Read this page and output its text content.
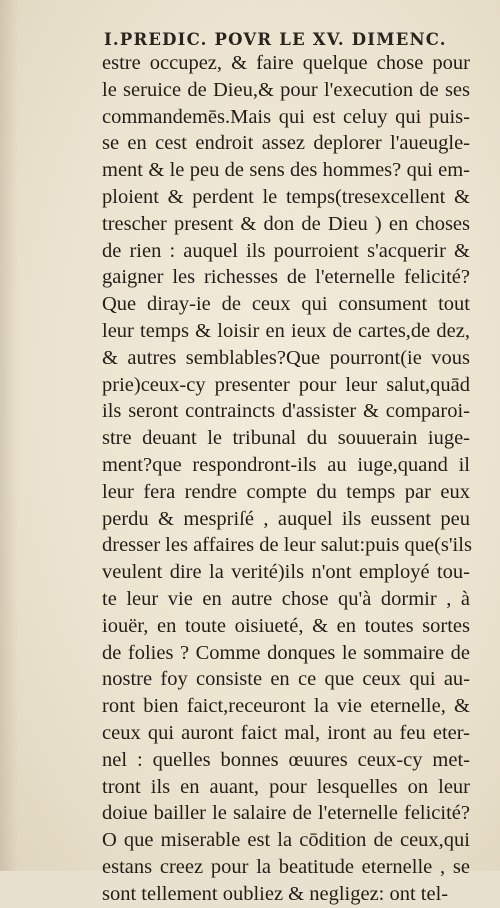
I.PREDIC. POVR LE XV. DIMENC.
estre occupez, & faire quelque chose pour
le seruice de Dieu,& pour l'execution de ses
commandemēs.Mais qui est celuy qui puis-
se en cest endroit assez deplorer l'aueugle-
ment & le peu de sens des hommes? qui em-
ploient & perdent le temps(tresexcellent &
trescher present & don de Dieu ) en choses
de rien : auquel ils pourroient s'acquerir &
gaigner les richesses de l'eternelle felicité?
Que diray-ie de ceux qui consument tout
leur temps & loisir en ieux de cartes,de dez,
& autres semblables?Que pourront(ie vous
prie)ceux-cy presenter pour leur salut,quād
ils seront contraincts d'assister & comparoi-
stre deuant le tribunal du souuerain iuge-
ment?que respondront-ils au iuge,quand il
leur fera rendre compte du temps par eux
perdu & mespriſé , auquel ils eussent peu
dresser les affaires de leur salut:puis que(s'ils
veulent dire la verité)ils n'ont employé tou-
te leur vie en autre chose qu'à dormir , à
iouër, en toute oisiueté, & en toutes sortes
de folies ? Comme donques le sommaire de
nostre foy consiste en ce que ceux qui au-
ront bien faict,receuront la vie eternelle, &
ceux qui auront faict mal, iront au feu eter-
nel : quelles bonnes œuures ceux-cy met-
tront ils en auant, pour lesquelles on leur
doiue bailler le salaire de l'eternelle felicité?
O que miserable est la cōdition de ceux,qui
estans creez pour la beatitude eternelle , se
sont tellement oubliez & negligez: ont tel-
